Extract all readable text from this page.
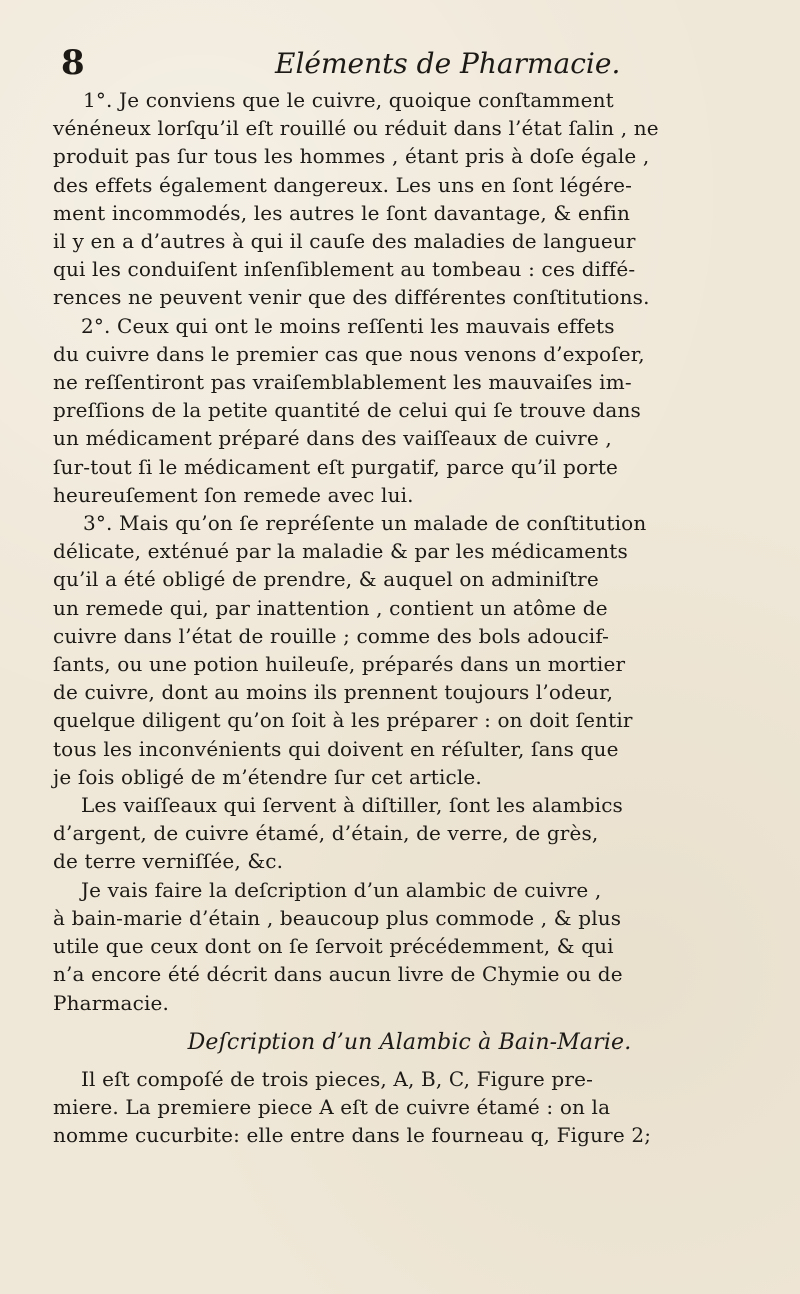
8	Eléments de Pharmacie.
1°. Je conviens que le cuivre, quoique conſtamment
vénéneux lorſqu’il eſt rouillé ou réduit dans l’état ſalin , ne
produit pas ſur tous les hommes , étant pris à doſe égale ,
des effets également dangereux. Les uns en ſont légére-
ment incommodés, les autres le ſont davantage, & enfin
il y en a d’autres à qui il cauſe des maladies de langueur
qui les conduiſent inſenſiblement au tombeau : ces diffé-
rences ne peuvent venir que des différentes conſtitutions.
2°. Ceux qui ont le moins reſſenti les mauvais effets
du cuivre dans le premier cas que nous venons d’expoſer,
ne reſſentiront pas vraiſemblablement les mauvaiſes im-
preſſions de la petite quantité de celui qui ſe trouve dans
un médicament préparé dans des vaiſſeaux de cuivre ,
ſur-tout ſi le médicament eſt purgatif, parce qu’il porte
heureuſement ſon remede avec lui.
3°. Mais qu’on ſe repréſente un malade de conſtitution
délicate, exténué par la maladie & par les médicaments
qu’il a été obligé de prendre, & auquel on adminiſtre
un remede qui, par inattention , contient un atôme de
cuivre dans l’état de rouille ; comme des bols adoucif-
ſants, ou une potion huileuſe, préparés dans un mortier
de cuivre, dont au moins ils prennent toujours l’odeur,
quelque diligent qu’on ſoit à les préparer : on doit ſentir
tous les inconvénients qui doivent en réſulter, ſans que
je ſois obligé de m’étendre ſur cet article.
Les vaiſſeaux qui ſervent à diſtiller, ſont les alambics
d’argent, de cuivre étamé, d’étain, de verre, de grès,
de terre verniſſée, &c.
Je vais faire la deſcription d’un alambic de cuivre ,
à bain-marie d’étain , beaucoup plus commode , & plus
utile que ceux dont on ſe ſervoit précédemment, & qui
n’a encore été décrit dans aucun livre de Chymie ou de
Pharmacie.
Deſcription d’un Alambic à Bain-Marie.
Il eſt compoſé de trois pieces, A, B, C, Figure pre-
miere. La premiere piece A eſt de cuivre étamé : on la
nomme cucurbite: elle entre dans le fourneau q, Figure 2;
